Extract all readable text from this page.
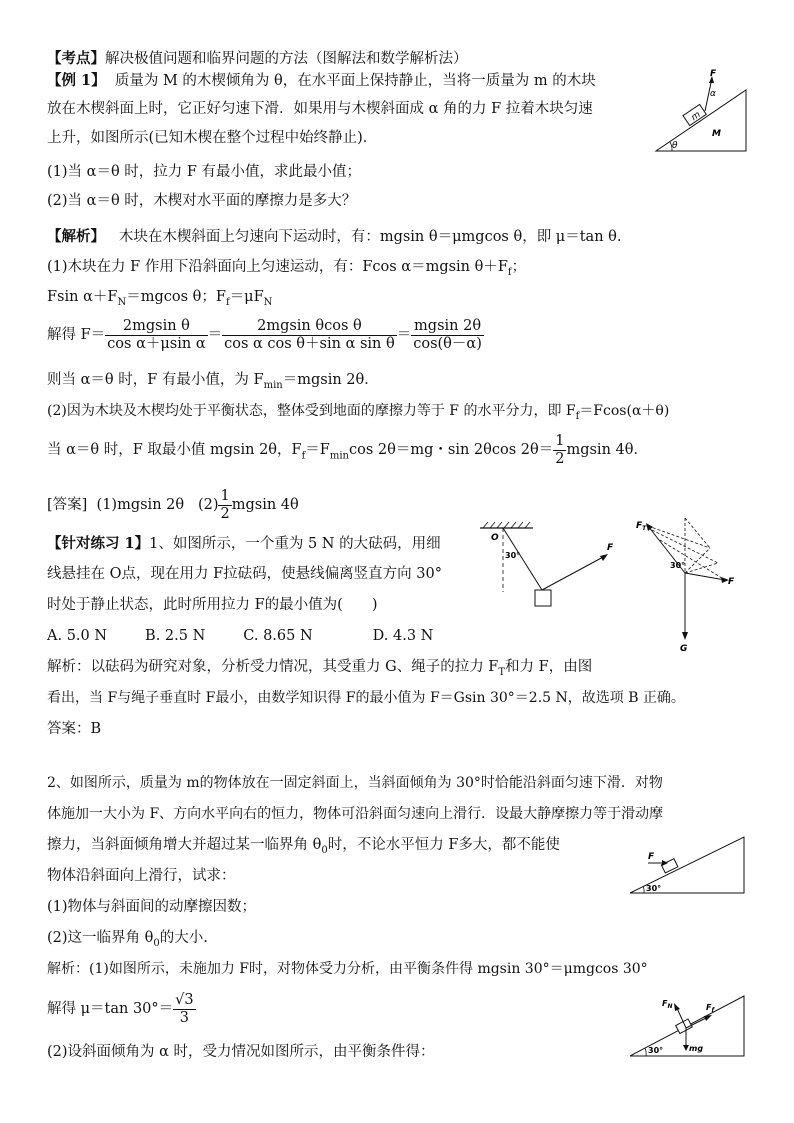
【考点】解决极值问题和临界问题的方法（图解法和数学解析法）
【例 1】 质量为 M 的木楔倾角为 θ，在水平面上保持静止，当将一质量为 m 的木块
放在木楔斜面上时，它正好匀速下滑．如果用与木楔斜面成 α 角的力 F 拉着木块匀速
上升，如图所示(已知木楔在整个过程中始终静止)．
(1)当 α＝θ 时，拉力 F 有最小值，求此最小值；
(2)当 α＝θ 时，木楔对水平面的摩擦力是多大？
θ
M
m
F
α
【解析】 木块在木楔斜面上匀速向下运动时，有：mgsin θ＝μmgcos θ，即 μ＝tan θ.
(1)木块在力 F 作用下沿斜面向上匀速运动，有：Fcos α＝mgsin $\theta+F_f$；
Fsin $\alpha+F_N=mgcos$ θ；$F_f=\mu F_N$
解得 $F= \frac{\text{2mgsin θ}}{\text{cos α＋μsin α}} = \frac{\text{2mgsin θcos θ}}{\text{cos α cos θ＋sin α sin θ}} = \frac{mgsin 2\theta}{\cos(\theta-\alpha)}$
则当 α＝θ 时，F 有最小值，为 $F_{min}=mgsin$ 2θ．
(2)因为木块及木楔均处于平衡状态，整体受到地面的摩擦力等于 F 的水平分力，即 $F_f=Fcos(\alpha+\theta)$
当 α＝θ 时，F 取最小值 mgsin 2θ，$F_f=F_{min}\cos$ 2θ＝mg・sin 2θcos $2\theta= \frac{1}{2}$ mgsin 4θ．
[答案] (1)mgsin 2θ $(2) \frac{1}{2}$ mgsin 4θ
【针对练习 1】1、如图所示，一个重为 5 N 的大砝码，用细
线悬挂在 O点，现在用力 F拉砝码，使悬线偏离竖直方向 30°
时处于静止状态，此时所用拉力 F的最小值为(　　)
A. 5.0 N	B. 2.5 N	C. 8.65 N	D. 4.3 N
解析：以砝码为研究对象，分析受力情况，其受重力 G、绳子的拉力 $F_T$和力 F，由图
看出，当 F与绳子垂直时 F最小，由数学知识得 F的最小值为 F＝Gsin 30°＝2.5 N，故选项 B 正确。
答案：B
O
30°
F
G
$F_T$
F
30°
2、如图所示，质量为 m的物体放在一固定斜面上，当斜面倾角为 30°时恰能沿斜面匀速下滑．对物
体施加一大小为 F、方向水平向右的恒力，物体可沿斜面匀速向上滑行．设最大静摩擦力等于滑动摩
擦力，当斜面倾角增大并超过某一临界角 $\theta_0$时，不论水平恒力 F多大，都不能使
物体沿斜面向上滑行，试求：
(1)物体与斜面间的动摩擦因数；
(2)这一临界角 $\theta_0$的大小.
解析：(1)如图所示，未施加力 F时，对物体受力分析，由平衡条件得 mgsin 30°＝μmgcos 30°
解得 μ＝tan $30^\circ= \frac{√3}{3}$
(2)设斜面倾角为 α 时，受力情况如图所示，由平衡条件得：
30°
F
30°
$F_N$	$F_f$
mg
